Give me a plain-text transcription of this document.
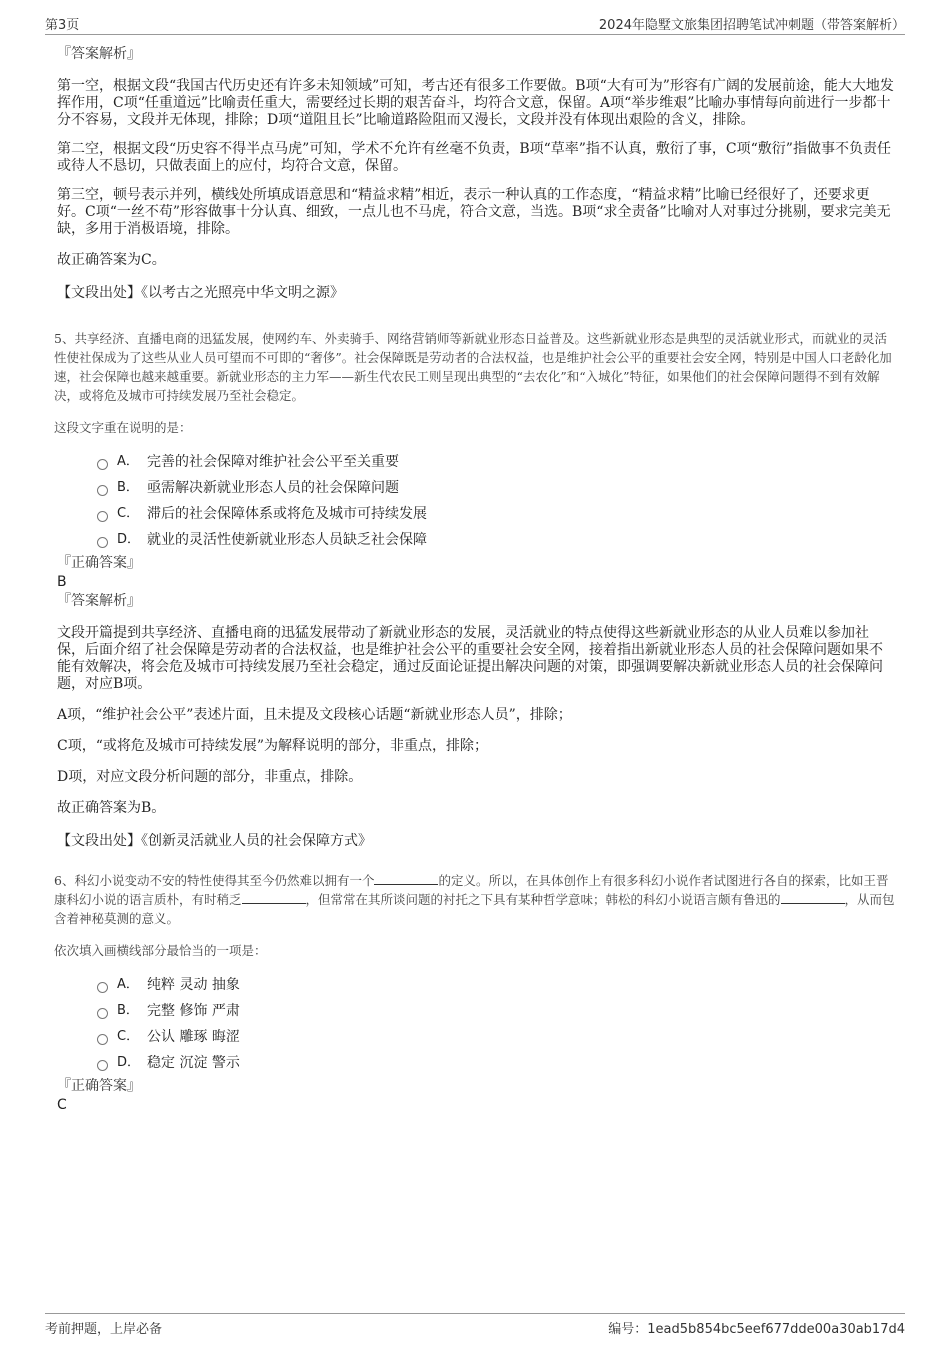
第3页	2024年隐墅文旅集团招聘笔试冲刺题（带答案解析）
『答案解析』

第一空，根据文段“我国古代历史还有许多未知领域”可知，考古还有很多工作要做。B项“大有可为”形容有广阔的发展前途，能大大地发挥作用，C项“任重道远”比喻责任重大，需要经过长期的艰苦奋斗，均符合文意，保留。A项“举步维艰”比喻办事情每向前进行一步都十分不容易，文段并无体现，排除；D项“道阻且长”比喻道路险阻而又漫长，文段并没有体现出艰险的含义，排除。

第二空，根据文段“历史容不得半点马虎”可知，学术不允许有丝毫不负责，B项“草率”指不认真，敷衍了事，C项“敷衍”指做事不负责任或待人不恳切，只做表面上的应付，均符合文意，保留。

第三空，顿号表示并列，横线处所填成语意思和“精益求精”相近，表示一种认真的工作态度，“精益求精”比喻已经很好了，还要求更好。C项“一丝不苟”形容做事十分认真、细致，一点儿也不马虎，符合文意，当选。B项“求全责备”比喻对人对事过分挑剔，要求完美无缺，多用于消极语境，排除。

故正确答案为C。

【文段出处】《以考古之光照亮中华文明之源》

5、共享经济、直播电商的迅猛发展，使网约车、外卖骑手、网络营销师等新就业形态日益普及。这些新就业形态是典型的灵活就业形式，而就业的灵活性使社保成为了这些从业人员可望而不可即的“奢侈”。社会保障既是劳动者的合法权益，也是维护社会公平的重要社会安全网，特别是中国人口老龄化加速，社会保障也越来越重要。新就业形态的主力军——新生代农民工则呈现出典型的“去农化”和“入城化”特征，如果他们的社会保障问题得不到有效解决，或将危及城市可持续发展乃至社会稳定。

这段文字重在说明的是：

A． 完善的社会保障对维护社会公平至关重要
B． 亟需解决新就业形态人员的社会保障问题
C． 滞后的社会保障体系或将危及城市可持续发展
D． 就业的灵活性使新就业形态人员缺乏社会保障
『正确答案』
B
『答案解析』

文段开篇提到共享经济、直播电商的迅猛发展带动了新就业形态的发展，灵活就业的特点使得这些新就业形态的从业人员难以参加社保，后面介绍了社会保障是劳动者的合法权益，也是维护社会公平的重要社会安全网，接着指出新就业形态人员的社会保障问题如果不能有效解决，将会危及城市可持续发展乃至社会稳定，通过反面论证提出解决问题的对策，即强调要解决新就业形态人员的社会保障问题，对应B项。

A项，“维护社会公平”表述片面，且未提及文段核心话题“新就业形态人员”，排除；

C项，“或将危及城市可持续发展”为解释说明的部分，非重点，排除；

D项，对应文段分析问题的部分，非重点，排除。

故正确答案为B。

【文段出处】《创新灵活就业人员的社会保障方式》

6、科幻小说变动不安的特性使得其至今仍然难以拥有一个	的定义。所以，在具体创作上有很多科幻小说作者试图进行各自的探索，比如王晋康科幻小说的语言质朴，有时稍乏	，但常常在其所谈问题的衬托之下具有某种哲学意味；韩松的科幻小说语言颇有鲁迅的	，从而包含着神秘莫测的意义。

依次填入画横线部分最恰当的一项是：

A． 纯粹 灵动 抽象
B． 完整 修饰 严肃
C． 公认 雕琢 晦涩
D． 稳定 沉淀 警示
『正确答案』
C
考前押题，上岸必备	编号：1ead5b854bc5eef677dde00a30ab17d4
